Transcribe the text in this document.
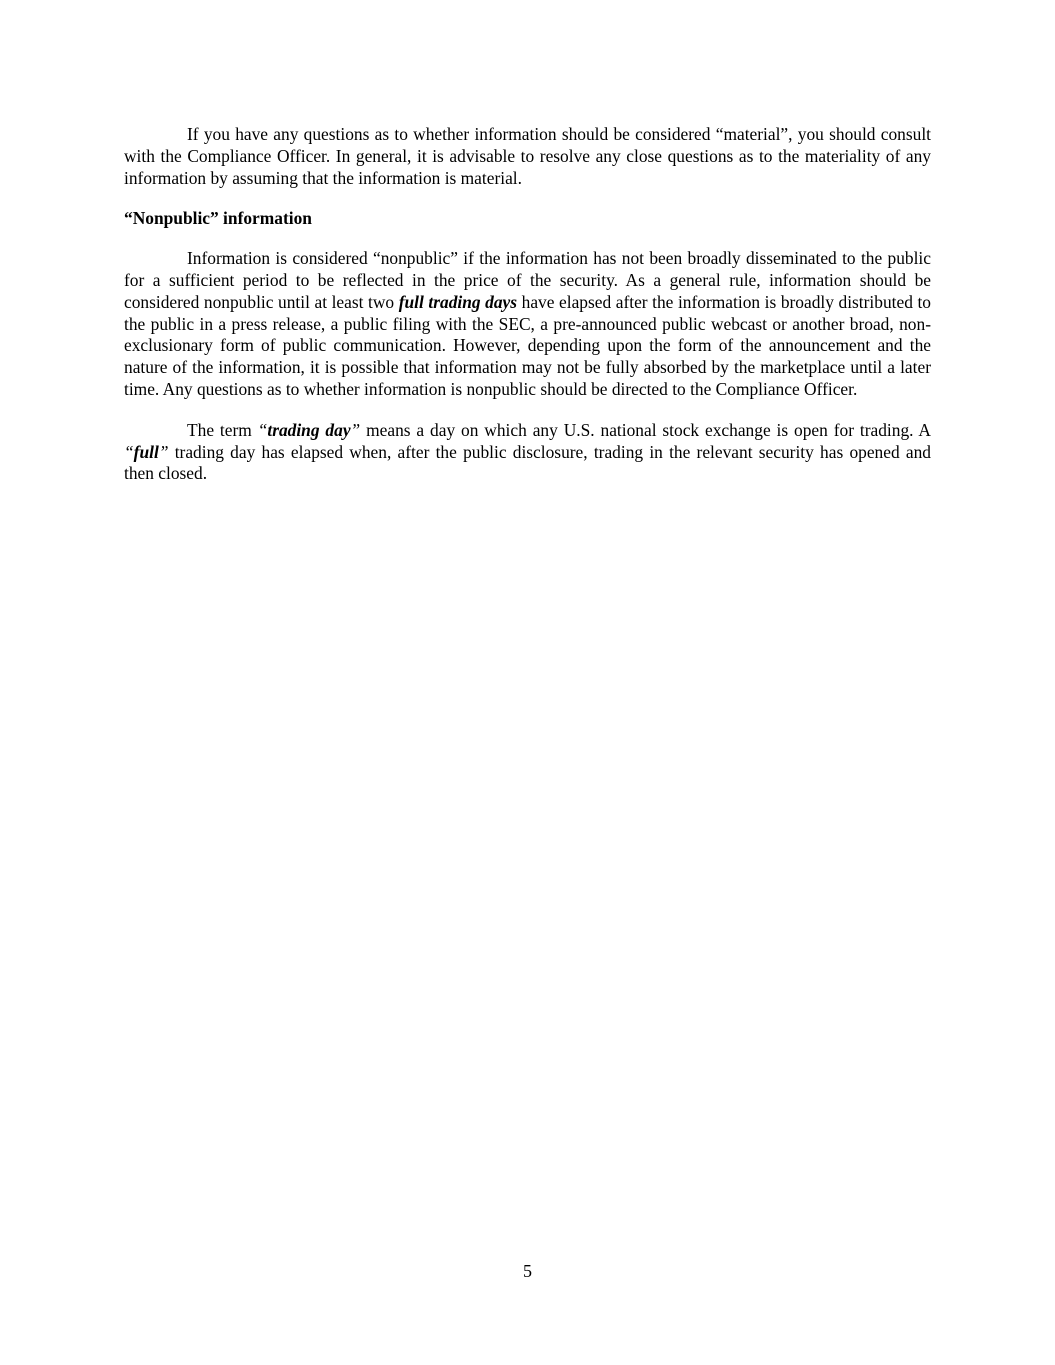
If you have any questions as to whether information should be considered “material”, you should consult with the Compliance Officer. In general, it is advisable to resolve any close questions as to the materiality of any information by assuming that the information is material.

“Nonpublic” information

Information is considered “nonpublic” if the information has not been broadly disseminated to the public for a sufficient period to be reflected in the price of the security. As a general rule, information should be considered nonpublic until at least two full trading days have elapsed after the information is broadly distributed to the public in a press release, a public filing with the SEC, a pre-announced public webcast or another broad, non-exclusionary form of public communication. However, depending upon the form of the announcement and the nature of the information, it is possible that information may not be fully absorbed by the marketplace until a later time. Any questions as to whether information is nonpublic should be directed to the Compliance Officer.

The term “trading day” means a day on which any U.S. national stock exchange is open for trading. A “full” trading day has elapsed when, after the public disclosure, trading in the relevant security has opened and then closed.

5
